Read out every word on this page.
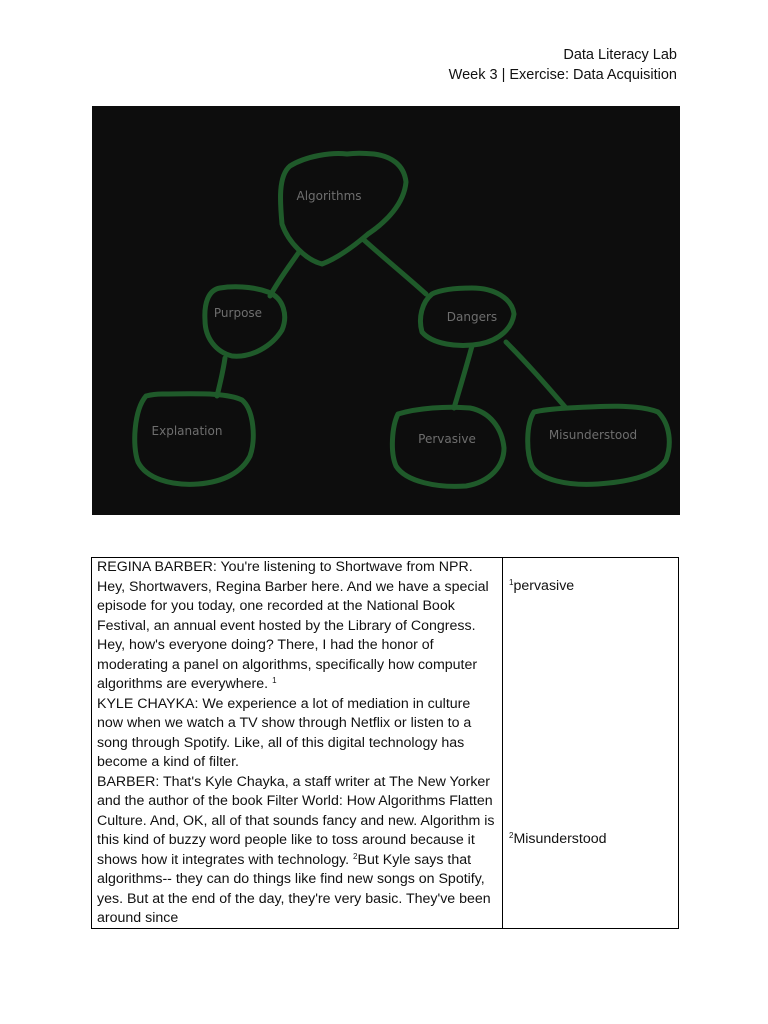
Data Literacy Lab
Week 3 | Exercise: Data Acquisition
Algorithms
Purpose	Dangers
Explanation
Pervasive	Misunderstood

REGINA BARBER: You're listening to Shortwave from NPR. Hey, Shortwavers, Regina Barber here. And we have a special episode for you today, one recorded at the National Book Festival, an annual event hosted by the Library of Congress. Hey, how's everyone doing? There, I had the honor of moderating a panel on algorithms, specifically how computer algorithms are everywhere. $^1$

KYLE CHAYKA: We experience a lot of mediation in culture now when we watch a TV show through Netflix or listen to a song through Spotify. Like, all of this digital technology has become a kind of filter.

BARBER: That's Kyle Chayka, a staff writer at The New Yorker and the author of the book Filter World: How Algorithms Flatten Culture. And, OK, all of that sounds fancy and new. Algorithm is this kind of buzzy word people like to toss around because it shows how it integrates with technology. $^2$But Kyle says that algorithms-- they can do things like find new songs on Spotify, yes. But at the end of the day, they're very basic. They've been around since

$^1$pervasive
$^2$Misunderstood
